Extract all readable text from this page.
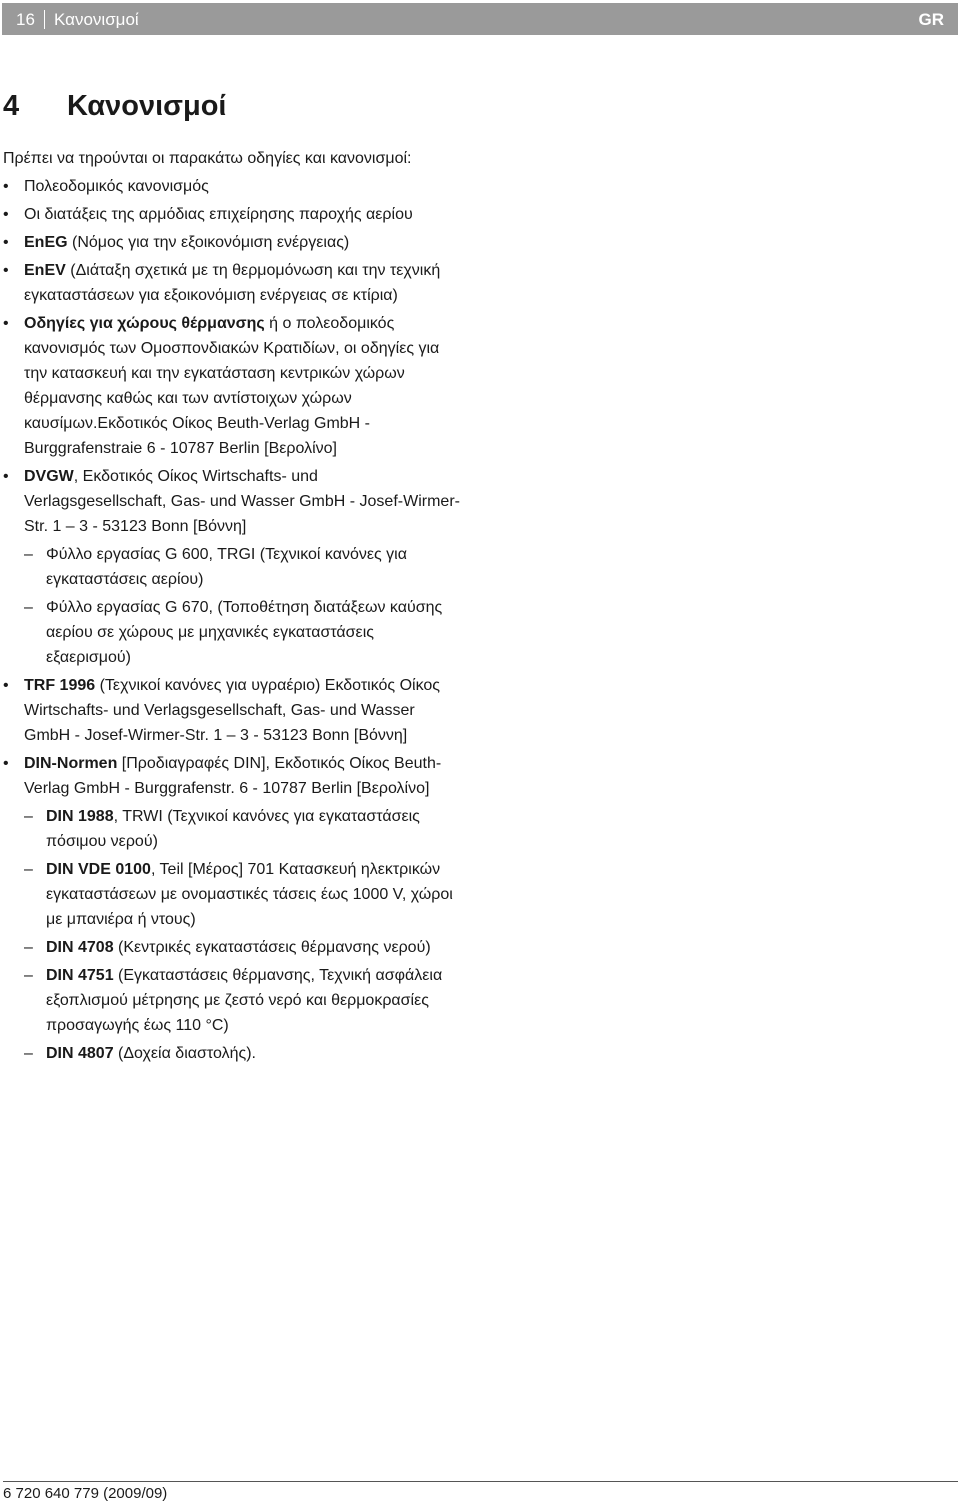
16 Κανονισμοί	GR
4 Κανονισμοί

Πρέπει να τηρούνται οι παρακάτω οδηγίες και κανονισμοί:

• Πολεοδομικός κανονισμός
• Οι διατάξεις της αρμόδιας επιχείρησης παροχής αερίου
• EnEG (Νόμος για την εξοικονόμιση ενέργειας)
• EnEV (Διάταξη σχετικά με τη θερμομόνωση και την τεχνική εγκαταστάσεων για εξοικονόμιση ενέργειας σε κτίρια)
• Οδηγίες για χώρους θέρμανσης ή ο πολεοδομικός κανονισμός των Ομοσπονδιακών Κρατιδίων, οι οδηγίες για την κατασκευή και την εγκατάσταση κεντρικών χώρων θέρμανσης καθώς και των αντίστοιχων χώρων καυσίμων.Εκδοτικός Οίκος Beuth-Verlag GmbH - Burggrafenstraie 6 - 10787 Berlin [Βερολίνο]
• DVGW, Εκδοτικός Οίκος Wirtschafts- und Verlagsgesellschaft, Gas- und Wasser GmbH - Josef-Wirmer-Str. 1 – 3 - 53123 Bonn [Βόννη]
– Φύλλο εργασίας G 600, TRGI (Τεχνικοί κανόνες για εγκαταστάσεις αερίου)
– Φύλλο εργασίας G 670, (Τοποθέτηση διατάξεων καύσης αερίου σε χώρους με μηχανικές εγκαταστάσεις εξαερισμού)
• TRF 1996 (Τεχνικοί κανόνες για υγραέριο) Εκδοτικός Οίκος Wirtschafts- und Verlagsgesellschaft, Gas- und Wasser GmbH - Josef-Wirmer-Str. 1 – 3 - 53123 Bonn [Βόννη]
• DIN-Normen [Προδιαγραφές DIN], Εκδοτικός Οίκος Beuth-Verlag GmbH - Burggrafenstr. 6 - 10787 Berlin [Βερολίνο]
– DIN 1988, TRWI (Τεχνικοί κανόνες για εγκαταστάσεις πόσιμου νερού)
– DIN VDE 0100, Teil [Μέρος] 701 Κατασκευή ηλεκτρικών εγκαταστάσεων με ονομαστικές τάσεις έως 1000 V, χώροι με μπανιέρα ή ντους)
– DIN 4708 (Κεντρικές εγκαταστάσεις θέρμανσης νερού)
– DIN 4751 (Εγκαταστάσεις θέρμανσης, Τεχνική ασφάλεια εξοπλισμού μέτρησης με ζεστό νερό και θερμοκρασίες προσαγωγής έως 110 °C)
– DIN 4807 (Δοχεία διαστολής).
6 720 640 779 (2009/09)
